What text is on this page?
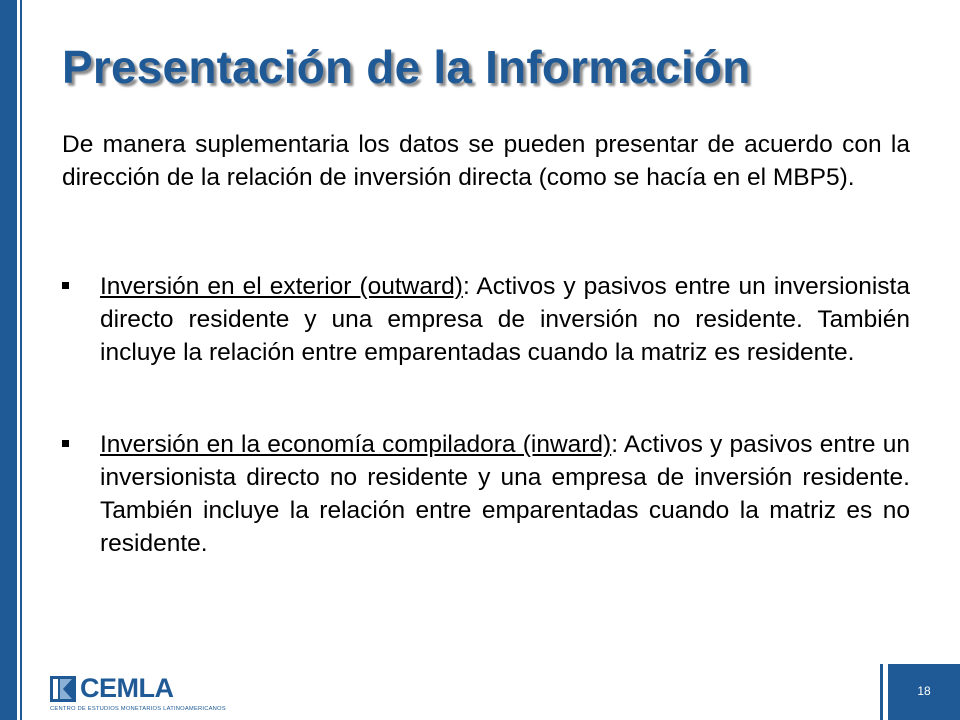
Presentación de la Información

De manera suplementaria los datos se pueden presentar de acuerdo con la dirección de la relación de inversión directa (como se hacía en el MBP5).

Inversión en el exterior (outward): Activos y pasivos entre un inversionista directo residente y una empresa de inversión no residente. También incluye la relación entre emparentadas cuando la matriz es residente.

Inversión en la economía compiladora (inward): Activos y pasivos entre un inversionista directo no residente y una empresa de inversión residente. También incluye la relación entre emparentadas cuando la matriz es no residente.

CEMLA
CENTRO DE ESTUDIOS MONETARIOS LATINOAMERICANOS
18
